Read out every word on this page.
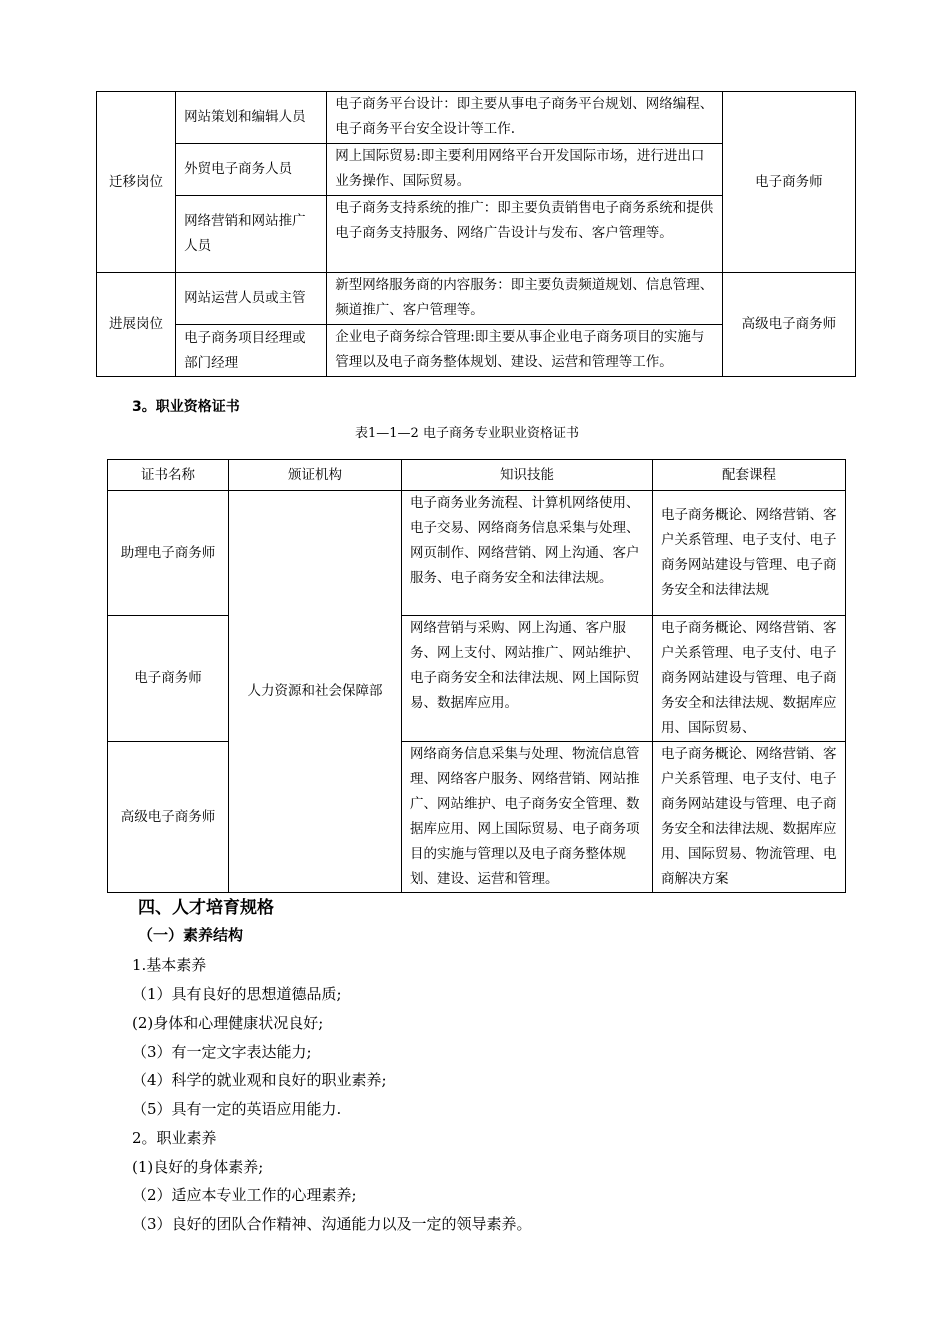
迁移岗位	网站策划和编辑人员	电子商务平台设计：即主要从事电子商务平台规划、网络编程、电子商务平台安全设计等工作.	电子商务师
	外贸电子商务人员	网上国际贸易:即主要利用网络平台开发国际市场，进行进出口业务操作、国际贸易。	
	网络营销和网站推广人员	电子商务支持系统的推广：即主要负责销售电子商务系统和提供电子商务支持服务、网络广告设计与发布、客户管理等。	
进展岗位	网站运营人员或主管	新型网络服务商的内容服务：即主要负责频道规划、信息管理、频道推广、客户管理等。	高级电子商务师
	电子商务项目经理或部门经理	企业电子商务综合管理:即主要从事企业电子商务项目的实施与管理以及电子商务整体规划、建设、运营和管理等工作。	
3。职业资格证书
表1—1—2 电子商务专业职业资格证书
证书名称	颁证机构	知识技能	配套课程
助理电子商务师	人力资源和社会保障部	电子商务业务流程、计算机网络使用、电子交易、网络商务信息采集与处理、网页制作、网络营销、网上沟通、客户服务、电子商务安全和法律法规。	电子商务概论、网络营销、客户关系管理、电子支付、电子商务网站建设与管理、电子商务安全和法律法规
电子商务师		网络营销与采购、网上沟通、客户服务、网上支付、网站推广、网站维护、电子商务安全和法律法规、网上国际贸易、数据库应用。	电子商务概论、网络营销、客户关系管理、电子支付、电子商务网站建设与管理、电子商务安全和法律法规、数据库应用、国际贸易、
高级电子商务师		网络商务信息采集与处理、物流信息管理、网络客户服务、网络营销、网站推广、网站维护、电子商务安全管理、数据库应用、网上国际贸易、电子商务项目的实施与管理以及电子商务整体规划、建设、运营和管理。	电子商务概论、网络营销、客户关系管理、电子支付、电子商务网站建设与管理、电子商务安全和法律法规、数据库应用、国际贸易、物流管理、电商解决方案
四、人才培育规格
（一）素养结构
1.基本素养
（1）具有良好的思想道德品质;
(2)身体和心理健康状况良好;
（3）有一定文字表达能力;
（4）科学的就业观和良好的职业素养;
（5）具有一定的英语应用能力.
2。职业素养
(1)良好的身体素养;
（2）适应本专业工作的心理素养;
（3）良好的团队合作精神、沟通能力以及一定的领导素养。
